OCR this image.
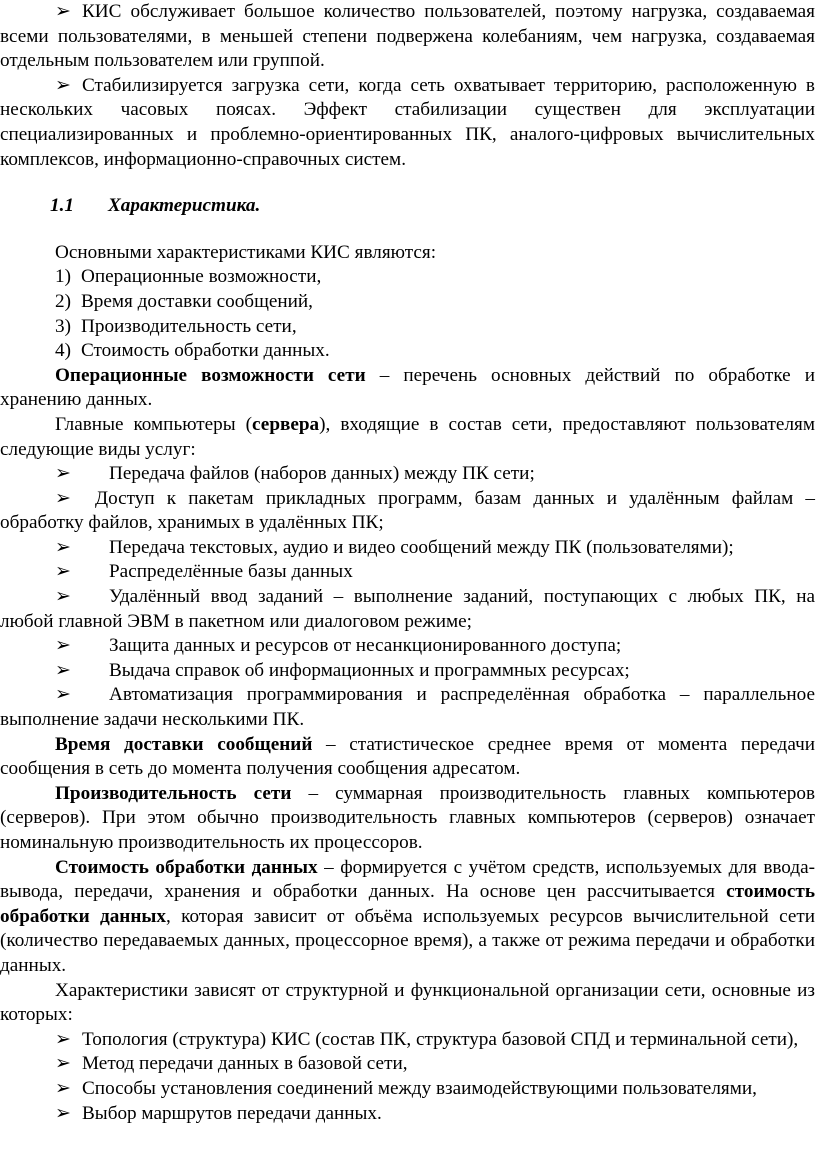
➢ КИС обслуживает большое количество пользователей, поэтому нагрузка, создаваемая всеми пользователями, в меньшей степени подвержена колебаниям, чем нагрузка, создаваемая отдельным пользователем или группой.

➢ Стабилизируется загрузка сети, когда сеть охватывает территорию, расположенную в нескольких часовых поясах. Эффект стабилизации существен для эксплуатации специализированных и проблемно-ориентированных ПК, аналого-цифровых вычислительных комплексов, информационно-справочных систем.

1.1 Характеристика.

Основными характеристиками КИС являются:

1) Операционные возможности,

2) Время доставки сообщений,

3) Производительность сети,

4) Стоимость обработки данных.

Операционные возможности сети – перечень основных действий по обработке и хранению данных.

Главные компьютеры (сервера), входящие в состав сети, предоставляют пользователям следующие виды услуг:

➢ Передача файлов (наборов данных) между ПК сети;

➢ Доступ к пакетам прикладных программ, базам данных и удалённым файлам – обработку файлов, хранимых в удалённых ПК;

➢ Передача текстовых, аудио и видео сообщений между ПК (пользователями);

➢ Распределённые базы данных

➢ Удалённый ввод заданий – выполнение заданий, поступающих с любых ПК, на любой главной ЭВМ в пакетном или диалоговом режиме;

➢ Защита данных и ресурсов от несанкционированного доступа;

➢ Выдача справок об информационных и программных ресурсах;

➢ Автоматизация программирования и распределённая обработка – параллельное выполнение задачи несколькими ПК.

Время доставки сообщений – статистическое среднее время от момента передачи сообщения в сеть до момента получения сообщения адресатом.

Производительность сети – суммарная производительность главных компьютеров (серверов). При этом обычно производительность главных компьютеров (серверов) означает номинальную производительность их процессоров.

Стоимость обработки данных – формируется с учётом средств, используемых для ввода-вывода, передачи, хранения и обработки данных. На основе цен рассчитывается стоимость обработки данных, которая зависит от объёма используемых ресурсов вычислительной сети (количество передаваемых данных, процессорное время), а также от режима передачи и обработки данных.

Характеристики зависят от структурной и функциональной организации сети, основные из которых:

➢ Топология (структура) КИС (состав ПК, структура базовой СПД и терминальной сети),

➢ Метод передачи данных в базовой сети,

➢ Способы установления соединений между взаимодействующими пользователями,

➢ Выбор маршрутов передачи данных.
